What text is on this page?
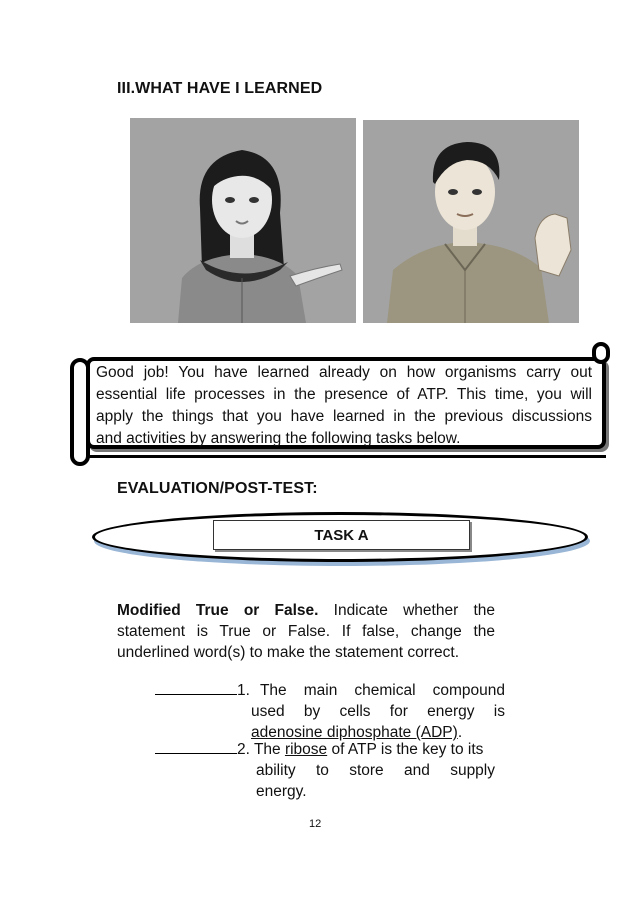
III.WHAT HAVE I LEARNED
Good job! You have learned already on how organisms carry out
essential life processes in the presence of ATP. This time, you will
apply the things that you have learned in the previous discussions
and activities by answering the following tasks below.
EVALUATION/POST-TEST:
TASK A
Modified True or False. Indicate whether the
statement is True or False. If false, change the
underlined word(s) to make the statement correct.
1. The main chemical compound
used by cells for energy is
adenosine diphosphate (ADP).
2. The ribose of ATP is the key to its
ability to store and supply
energy.
12
